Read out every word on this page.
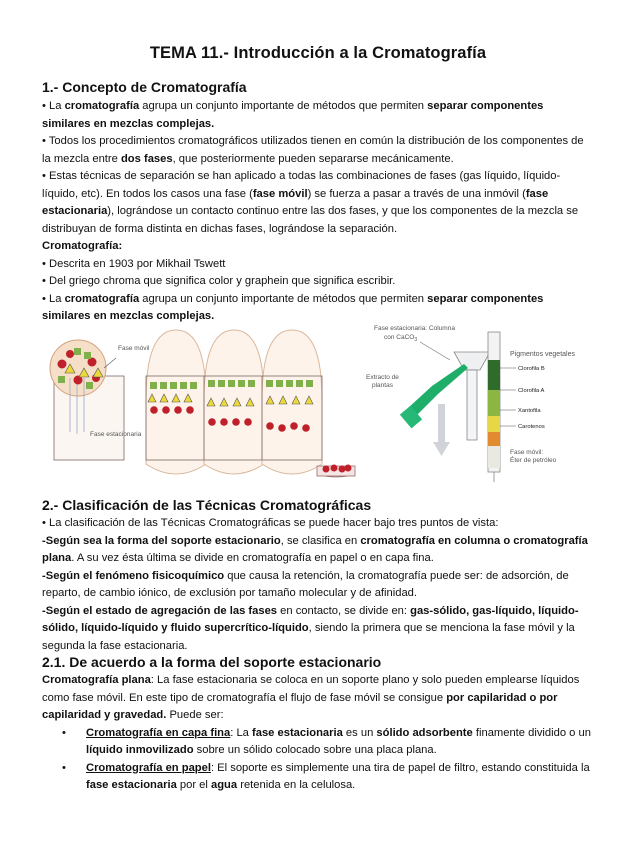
TEMA 11.- Introducción a la Cromatografía
1.- Concepto de Cromatografía

• La cromatografía agrupa un conjunto importante de métodos que permiten separar componentes similares en mezclas complejas.

• Todos los procedimientos cromatográficos utilizados tienen en común la distribución de los componentes de la mezcla entre dos fases, que posteriormente pueden separarse mecánicamente.

• Estas técnicas de separación se han aplicado a todas las combinaciones de fases (gas líquido, líquido-líquido, etc). En todos los casos una fase (fase móvil) se fuerza a pasar a través de una inmóvil (fase estacionaria), lográndose un contacto continuo entre las dos fases, y que los componentes de la mezcla se distribuyan de forma distinta en dichas fases, lográndose la separación.

Cromatografía:

• Descrita en 1903 por Mikhail Tswett

• Del griego chroma que significa color y graphein que significa escribir.

• La cromatografía agrupa un conjunto importante de métodos que permiten separar componentes similares en mezclas complejas.

Fase móvil
Fase estacionaria
Fase estacionaria: Columna
con CaCO$_3$
Extracto de
plantas
Pigmentos vegetales
Clorofila B
Clorofila A
Xantofila
Carotenos
Fase móvil:
Éter de petróleo
2.- Clasificación de las Técnicas Cromatográficas

• La clasificación de las Técnicas Cromatográficas se puede hacer bajo tres puntos de vista:

-Según sea la forma del soporte estacionario, se clasifica en cromatografía en columna o cromatografía plana. A su vez ésta última se divide en cromatografía en papel o en capa fina.

-Según el fenómeno fisicoquímico que causa la retención, la cromatografía puede ser: de adsorción, de reparto, de cambio iónico, de exclusión por tamaño molecular y de afinidad.

-Según el estado de agregación de las fases en contacto, se divide en: gas-sólido, gas-líquido, líquido-sólido, líquido-líquido y fluido supercrítico-líquido, siendo la primera que se menciona la fase móvil y la segunda la fase estacionaria.

2.1. De acuerdo a la forma del soporte estacionario

Cromatografía plana: La fase estacionaria se coloca en un soporte plano y solo pueden emplearse líquidos como fase móvil. En este tipo de cromatografía el flujo de fase móvil se consigue por capilaridad o por capilaridad y gravedad. Puede ser:

• Cromatografía en capa fina: La fase estacionaria es un sólido adsorbente finamente dividido o un líquido inmovilizado sobre un sólido colocado sobre una placa plana.

• Cromatografía en papel: El soporte es simplemente una tira de papel de filtro, estando constituida la fase estacionaria por el agua retenida en la celulosa.
